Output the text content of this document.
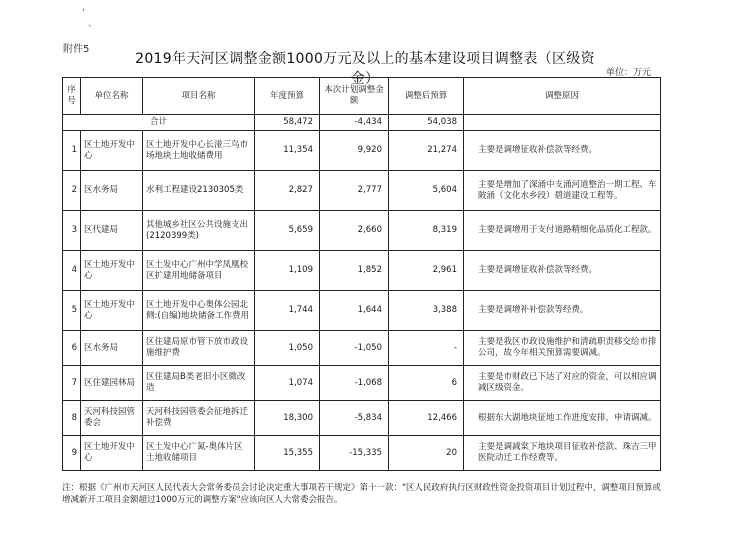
,
、
附件5
2019年天河区调整金额1000万元及以上的基本建设项目调整表（区级资金）	单位：万元
序号	单位名称	项目名称	年度预算	本次计划调整金额	调整后预算	调整原因
合计			58,472	-4,434	54,038	
1	区土地开发中心	区土地开发中心长湴三鸟市场地块土地收储费用	11,354	9,920	21,274	主要是调增征收补偿款等经费。
2	区水务局	水利工程建设2130305类	2,827	2,777	5,604	主要是增加了深涌中支涌河道整治一期工程、车陂涌（文化水乡段）碧道建设工程等。
3	区代建局	其他城乡社区公共设施支出(2120399类)	5,659	2,660	8,319	主要是调增用于支付道路精细化品质化工程款。
4	区土地开发中心	区土发中心广州中学凤凰校区扩建用地储备项目	1,109	1,852	2,961	主要是调增征收补偿款等经费。
5	区土地开发中心	区土地开发中心奥体公园北侧:(自编)地块储备工作费用	1,744	1,644	3,388	主要是调增补补偿款等经费。
6	区水务局	区住建局原市管下放市政设施维护费	1,050	-1,050	-	主要是我区市政设施维护和清疏职责移交给市排公司，故今年相关预算需要调减。
7	区住建园林局	区住建局B类老旧小区微改造	1,074	-1,068	6	主要是市财政已下达了对应的资金，可以相应调减区级资金。
8	天河科技园管委会	天河科技园管委会征地拆迁补偿费	18,300	-5,834	12,466	根据东大湖地块征地工作进度安排，申请调减。
9	区土地开发中心	区土发中心广氮-奥体片区土地收储项目	15,355	-15,335	20	主要是调减棠下地块项目征收补偿款、珠吉三甲医院动迁工作经费等。
注：根据《广州市天河区人民代表大会常务委员会讨论决定重大事项若干规定》第十一款："区人民政府执行区财政性资金投资项目计划过程中，调整项目预算或增减新开工项目金额超过1000万元的调整方案"应该向区人大常委会报告。
